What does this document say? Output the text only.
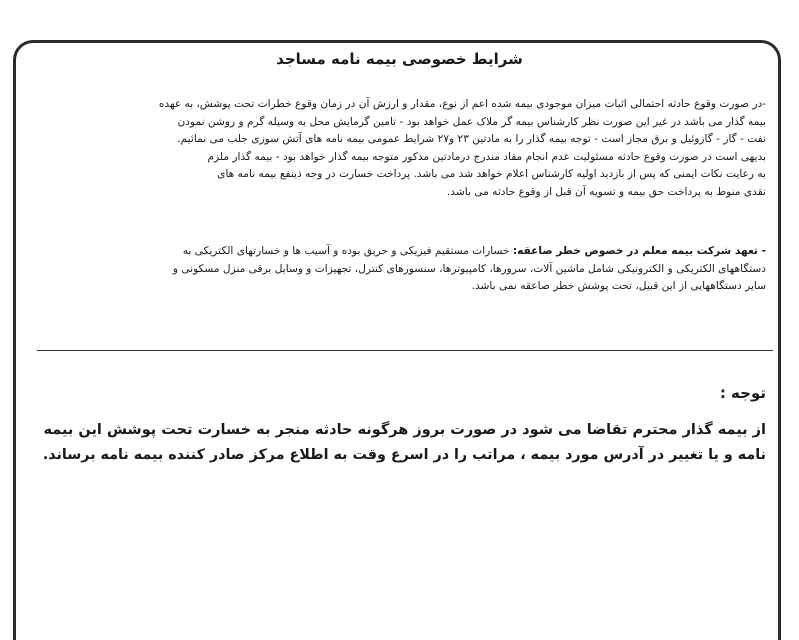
شرایط خصوصی بیمه نامه مساجد
-در صورت وقوع حادثه احتمالی اثبات میزان موجودی بیمه شده اعم از نوع، مقدار و ارزش آن در زمان وقوع خطرات تحت پوشش، به عهده
بیمه گذار می باشد در غیر این صورت نظر کارشناس بیمه گر ملاک عمل خواهد بود - تامین گرمایش محل به وسیله گرم و روشن نمودن
نفت - گاز - گازوئیل و برق مجاز است - توجه بیمه گذار را به مادتین ۲۳ و۲۷ شرایط عمومی بیمه نامه های آتش سوزی جلب می نمائیم.
بدیهی است در صورت وقوع حادثه مسئولیت عدم انجام مفاد مندرج درمادتین مذکور متوجه بیمه گذار خواهد بود - بیمه گذار ملزم
به رعایت نکات ایمنی که پس از بازدید اولیه کارشناس اعلام خواهد شد می باشد. پرداخت خسارت در وجه ذینفع بیمه نامه های
نقدی منوط به پرداخت حق بیمه و تسویه آن قبل از وقوع حادثه می باشد.
- تعهد شرکت بیمه معلم در خصوص خطر صاعقه: خسارات مستقیم فیزیکی و حریق بوده و آسیب ها و خسارتهای الکتریکی به
دستگاههای الکتریکی و الکترونیکی شامل ماشین آلات، سرورها، کامپیوترها، سنسورهای کنترل، تجهیزات و وسایل برقی منزل مسکونی و
سایر دستگاههایی از این قبیل، تحت پوشش خطر صاعقه نمی باشد.
توجه :
از بیمه گذار محترم تقاضا می شود در صورت بروز هرگونه حادثه منجر به خسارت تحت پوشش این بیمه
نامه و یا تغییر در آدرس مورد بیمه ، مراتب را در اسرع وقت به اطلاع مرکز صادر کننده بیمه نامه برساند.
